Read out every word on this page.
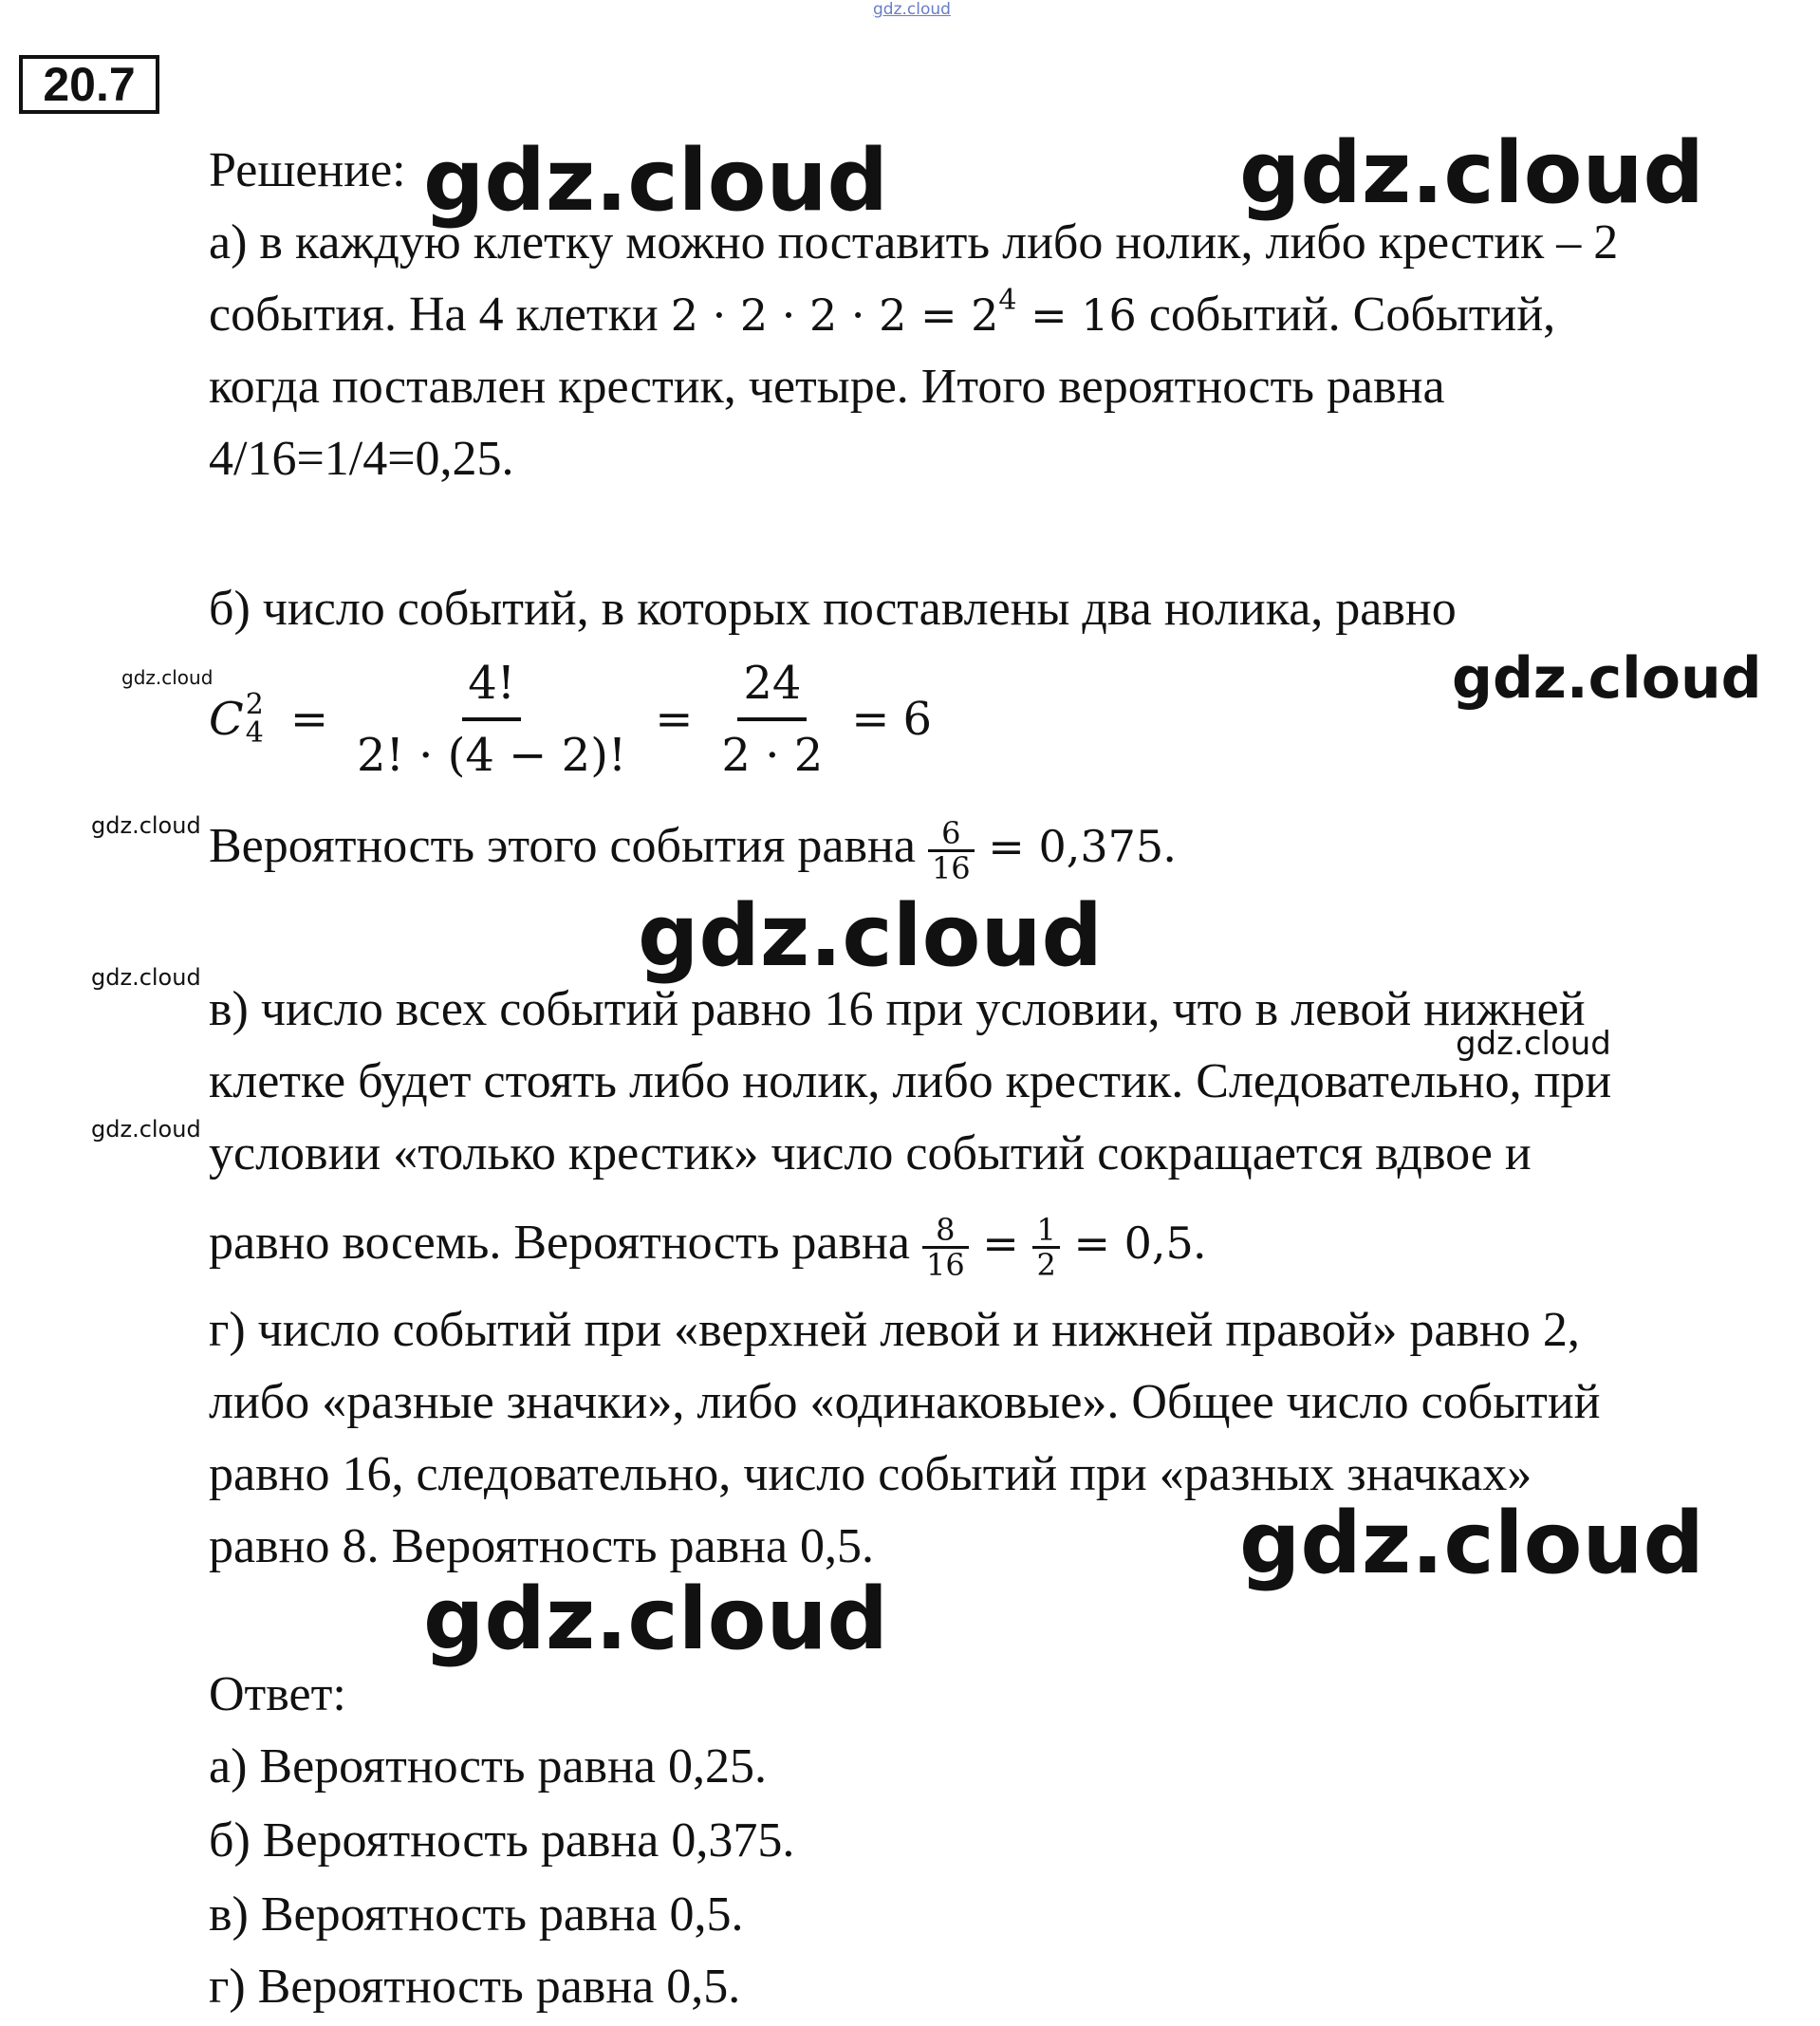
gdz.cloud
20.7
Решение:
а) в каждую клетку можно поставить либо нолик, либо крестик – 2
события. На 4 клетки $2 \cdot 2 \cdot 2 \cdot 2 = 2^4 = 16$ событий. Событий,
когда поставлен крестик, четыре. Итого вероятность равна
4/16=1/4=0,25.
б) число событий, в которых поставлены два нолика, равно
C 2
$4 = \frac{4!}{2! \cdot (4 - 2)!} = \frac{24}{2 \cdot 2} = 6$
Вероятность этого события равна $\frac{6}{16} = 0,375$.
в) число всех событий равно 16 при условии, что в левой нижней
клетке будет стоять либо нолик, либо крестик. Следовательно, при
условии «только крестик» число событий сокращается вдвое и
равно восемь. Вероятность равна $\frac{8}{16} = \frac{1}{2} = 0,5$.
г) число событий при «верхней левой и нижней правой» равно 2,
либо «разные значки», либо «одинаковые». Общее число событий
равно 16, следовательно, число событий при «разных значках»
равно 8. Вероятность равна 0,5.
Ответ:
а) Вероятность равна 0,25.
б) Вероятность равна 0,375.
в) Вероятность равна 0,5.
г) Вероятность равна 0,5.
gdz.cloud	gdz.cloud
gdz.cloud
gdz.cloud
gdz.cloud
gdz.cloud
gdz.cloud
gdz.cloud
gdz.cloud
gdz.cloud
gdz.cloud
